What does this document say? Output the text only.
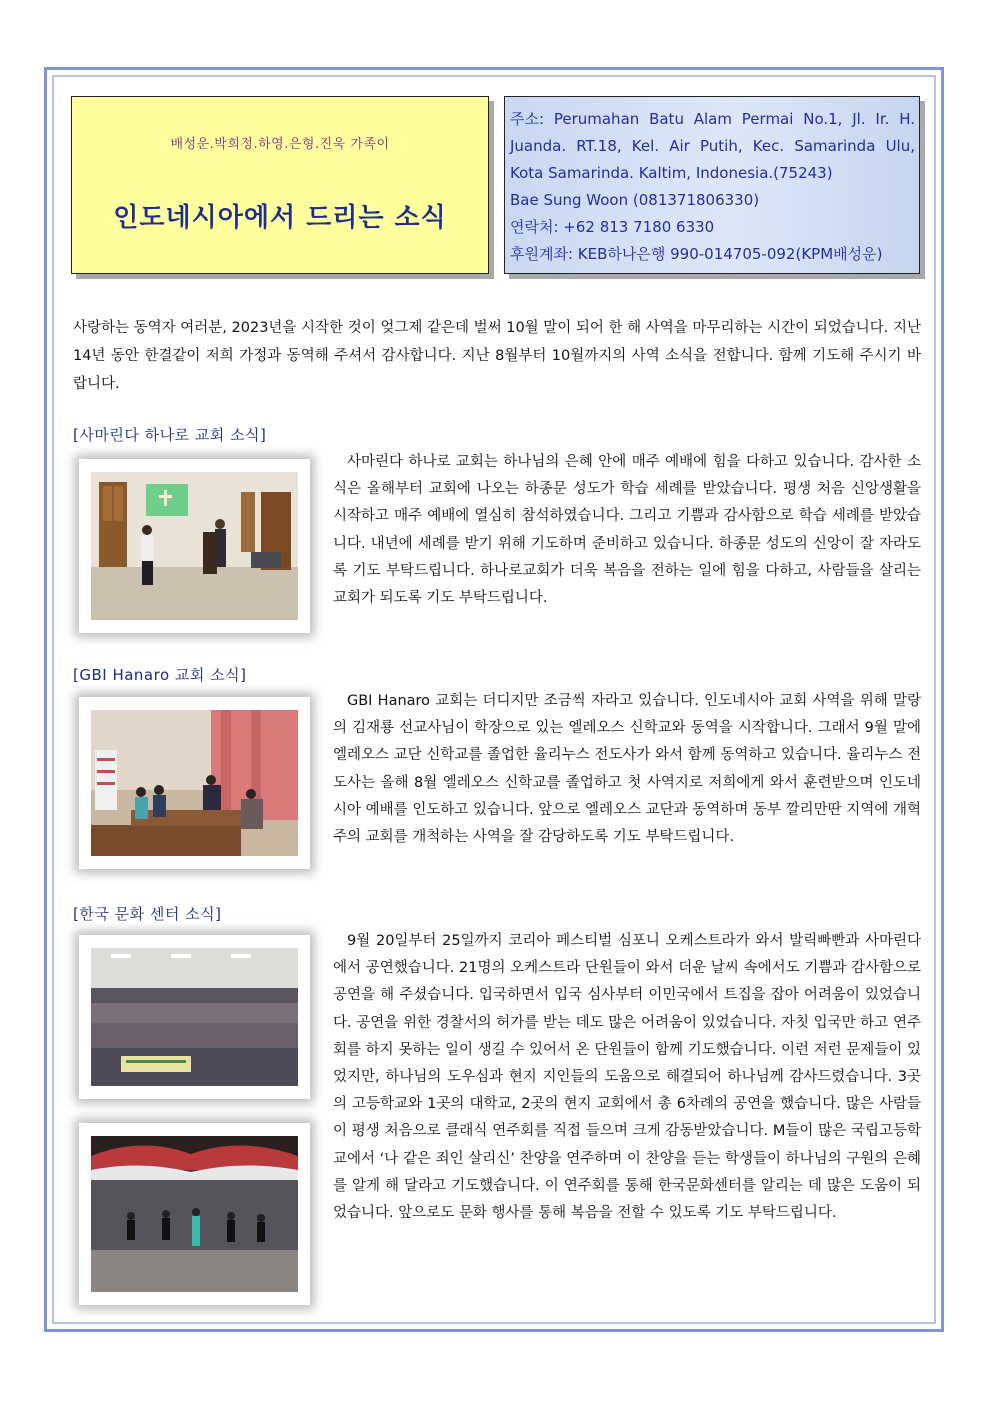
배성운.박희정.하영.은형.진욱 가족이
인도네시아에서 드리는 소식
주소: Perumahan Batu Alam Permai No.1, Jl. Ir. H.
Juanda. RT.18, Kel. Air Putih, Kec. Samarinda Ulu,
Kota Samarinda. Kaltim, Indonesia.(75243)
Bae Sung Woon (081371806330)
연락처: +62 813 7180 6330
후원계좌: KEB하나은행 990-014705-092(KPM배성운)
사랑하는 동역자 여러분, 2023년을 시작한 것이 엊그제 같은데 벌써 10월 말이 되어 한 해 사역을 마무리하는 시간이 되었습니다. 지난 14년 동안 한결같이 저희 가정과 동역해 주셔서 감사합니다. 지난 8월부터 10월까지의 사역 소식을 전합니다. 함께 기도해 주시기 바랍니다.
[사마린다 하나로 교회 소식]
사마린다 하나로 교회는 하나님의 은혜 안에 매주 예배에 힘을 다하고 있습니다. 감사한 소식은 올해부터 교회에 나오는 하종문 성도가 학습 세례를 받았습니다. 평생 처음 신앙생활을 시작하고 매주 예배에 열심히 참석하였습니다. 그리고 기쁨과 감사함으로 학습 세례를 받았습니다. 내년에 세례를 받기 위해 기도하며 준비하고 있습니다. 하종문 성도의 신앙이 잘 자라도록 기도 부탁드립니다. 하나로교회가 더욱 복음을 전하는 일에 힘을 다하고, 사람들을 살리는 교회가 되도록 기도 부탁드립니다.
[GBI Hanaro 교회 소식]
GBI Hanaro 교회는 더디지만 조금씩 자라고 있습니다. 인도네시아 교회 사역을 위해 말랑의 김재룡 선교사님이 학장으로 있는 엘레오스 신학교와 동역을 시작합니다. 그래서 9월 말에 엘레오스 교단 신학교를 졸업한 율리누스 전도사가 와서 함께 동역하고 있습니다. 율리누스 전도사는 올해 8월 엘레오스 신학교를 졸업하고 첫 사역지로 저희에게 와서 훈련받으며 인도네시아 예배를 인도하고 있습니다. 앞으로 엘레오스 교단과 동역하며 동부 깔리만딴 지역에 개혁주의 교회를 개척하는 사역을 잘 감당하도록 기도 부탁드립니다.
[한국 문화 센터 소식]
9월 20일부터 25일까지 코리아 페스티벌 심포니 오케스트라가 와서 발릭빠빤과 사마린다에서 공연했습니다. 21명의 오케스트라 단원들이 와서 더운 날씨 속에서도 기쁨과 감사함으로 공연을 해 주셨습니다. 입국하면서 입국 심사부터 이민국에서 트집을 잡아 어려움이 있었습니다. 공연을 위한 경찰서의 허가를 받는 데도 많은 어려움이 있었습니다. 자칫 입국만 하고 연주회를 하지 못하는 일이 생길 수 있어서 온 단원들이 함께 기도했습니다. 이런 저런 문제들이 있었지만, 하나님의 도우심과 현지 지인들의 도움으로 해결되어 하나님께 감사드렸습니다. 3곳의 고등학교와 1곳의 대학교, 2곳의 현지 교회에서 총 6차례의 공연을 했습니다. 많은 사람들이 평생 처음으로 클래식 연주회를 직접 들으며 크게 감동받았습니다. M들이 많은 국립고등학교에서 ‘나 같은 죄인 살리신’ 찬양을 연주하며 이 찬양을 듣는 학생들이 하나님의 구원의 은혜를 알게 해 달라고 기도했습니다. 이 연주회를 통해 한국문화센터를 알리는 데 많은 도움이 되었습니다. 앞으로도 문화 행사를 통해 복음을 전할 수 있도록 기도 부탁드립니다.
